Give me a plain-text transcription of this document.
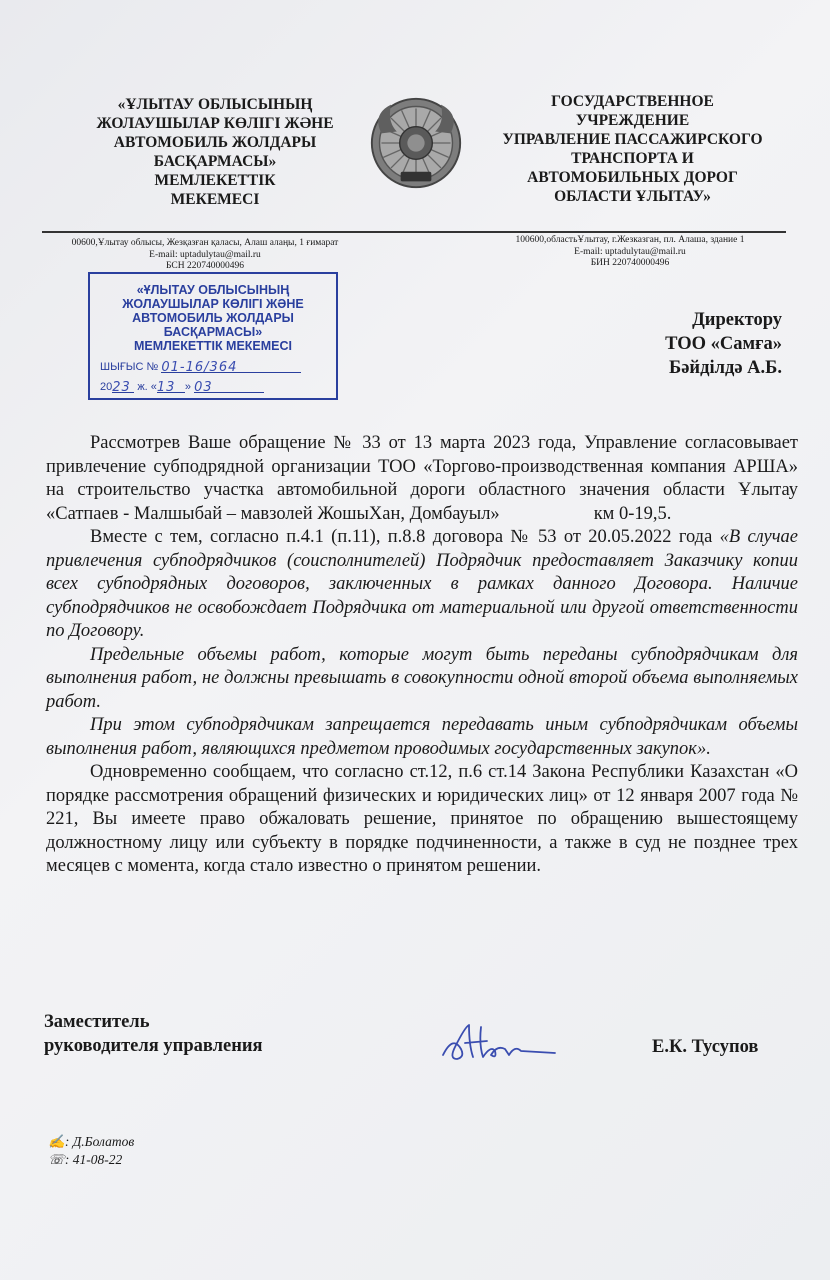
«ҰЛЫТАУ ОБЛЫСЫНЫҢ
ЖОЛАУШЫЛАР КӨЛІГІ ЖӘНЕ
АВТОМОБИЛЬ ЖОЛДАРЫ
БАСҚАРМАСЫ»
МЕМЛЕКЕТТІК
МЕКЕМЕСІ
ГОСУДАРСТВЕННОЕ
УЧРЕЖДЕНИЕ
УПРАВЛЕНИЕ ПАССАЖИРСКОГО
ТРАНСПОРТА И
АВТОМОБИЛЬНЫХ ДОРОГ
ОБЛАСТИ ҰЛЫТАУ»
00600,Ұлытау облысы, Жезқазған қаласы, Алаш алаңы, 1 ғимарат
E-mail: uptadulytau@mail.ru
БСН 220740000496
100600,областьҰлытау, г.Жезказган, пл. Алаша, здание 1
E-mail: uptadulytau@mail.ru
БИН 220740000496
«ҰЛЫТАУ ОБЛЫСЫНЫҢ
ЖОЛАУШЫЛАР КӨЛІГІ ЖӘНЕ
АВТОМОБИЛЬ ЖОЛДАРЫ
БАСҚАРМАСЫ»
МЕМЛЕКЕТТІК МЕКЕМЕСІ
ШЫҒЫС № 01-16/364
2023 ж. «13 » 03
Директору
ТОО «Самға»
Бәйділдә А.Б.

Рассмотрев Ваше обращение № 33 от 13 марта 2023 года, Управление согласовывает привлечение субподрядной организации ТОО «Торгово-производственная компания АРША» на строительство участка автомобильной дороги областного значения области Ұлытау «Сатпаев - Малшыбай – мавзолей ЖошыХан, Домбауыл»	км 0-19,5.

Вместе с тем, согласно п.4.1 (п.11), п.8.8 договора № 53 от 20.05.2022 года «В случае привлечения субподрядчиков (соисполнителей) Подрядчик предоставляет Заказчику копии всех субподрядных договоров, заключенных в рамках данного Договора. Наличие субподрядчиков не освобождает Подрядчика от материальной или другой ответственности по Договору.

Предельные объемы работ, которые могут быть переданы субподрядчикам для выполнения работ, не должны превышать в совокупности одной второй объема выполняемых работ.

При этом субподрядчикам запрещается передавать иным субподрядчикам объемы выполнения работ, являющихся предметом проводимых государственных закупок».

Одновременно сообщаем, что согласно ст.12, п.6 ст.14 Закона Республики Казахстан «О порядке рассмотрения обращений физических и юридических лиц» от 12 января 2007 года № 221, Вы имеете право обжаловать решение, принятое по обращению вышестоящему должностному лицу или субъекту в порядке подчиненности, а также в суд не позднее трех месяцев с момента, когда стало известно о принятом решении.

Заместитель
руководителя управления	Е.К. Тусупов
✍: Д.Болатов
☏: 41-08-22
